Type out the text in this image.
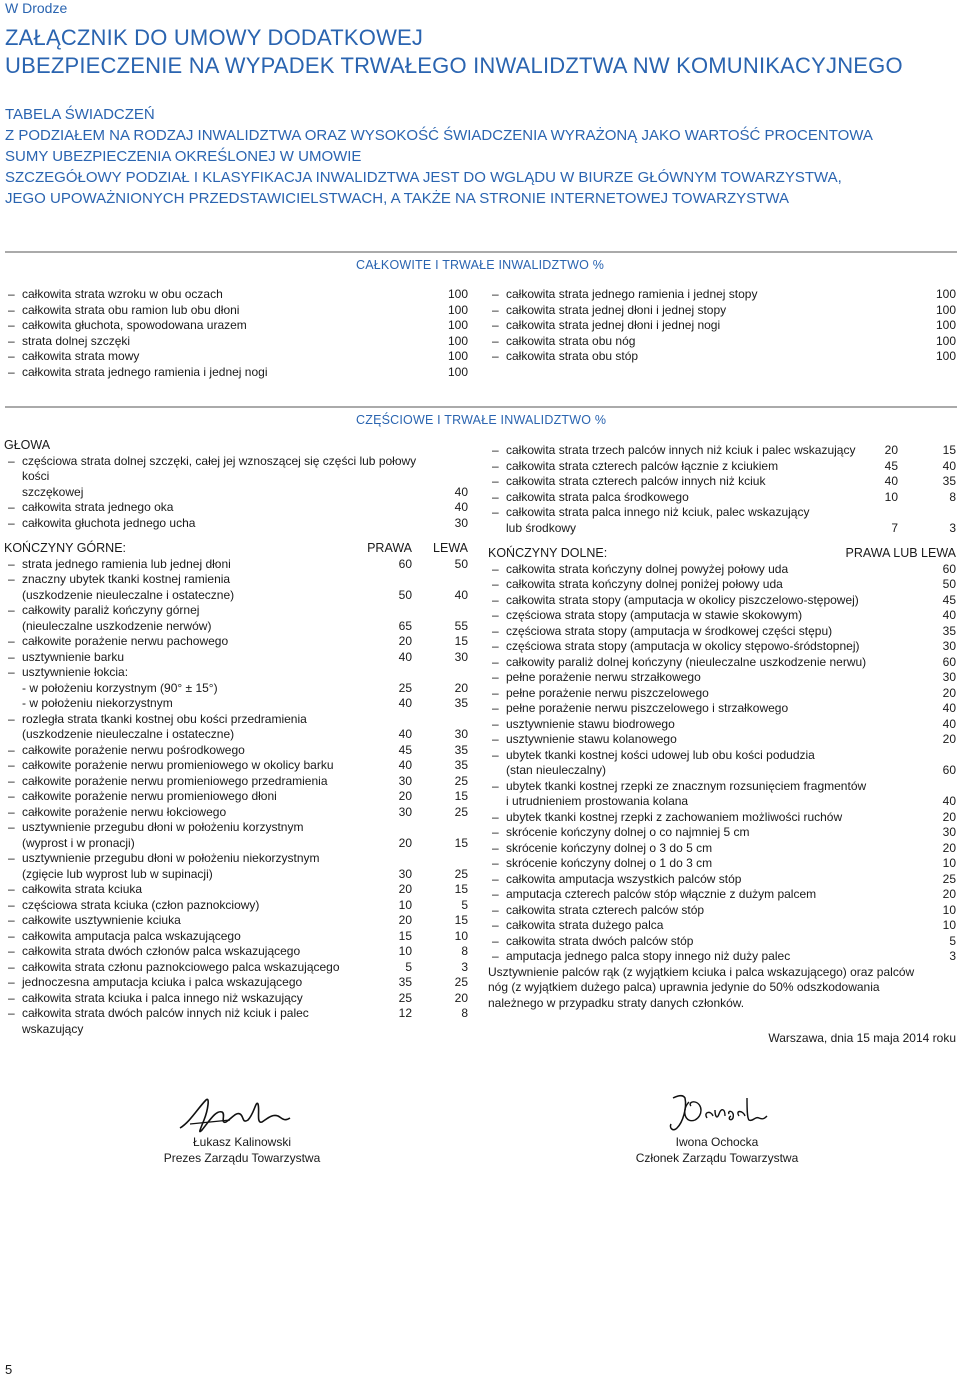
W Drodze
ZAŁĄCZNIK DO UMOWY DODATKOWEJ
UBEZPIECZENIE NA WYPADEK TRWAŁEGO INWALIDZTWA NW KOMUNIKACYJNEGO
TABELA ŚWIADCZEŃ
Z PODZIAŁEM NA RODZAJ INWALIDZTWA ORAZ WYSOKOŚĆ ŚWIADCZENIA WYRAŻONĄ JAKO WARTOŚĆ PROCENTOWA
SUMY UBEZPIECZENIA OKREŚLONEJ W UMOWIE
SZCZEGÓŁOWY PODZIAŁ I KLASYFIKACJA INWALIDZTWA JEST DO WGLĄDU W BIURZE GŁÓWNYM TOWARZYSTWA,
JEGO UPOWAŻNIONYCH PRZEDSTAWICIELSTWACH, A TAKŻE NA STRONIE INTERNETOWEJ TOWARZYSTWA
CAŁKOWITE I TRWAŁE INWALIDZTWO %
– całkowita strata wzroku w obu oczach	100
– całkowita strata obu ramion lub obu dłoni	100
– całkowita głuchota, spowodowana urazem	100
– strata dolnej szczęki	100
– całkowita strata mowy	100
– całkowita strata jednego ramienia i jednej nogi	100
– całkowita strata jednego ramienia i jednej stopy	100
– całkowita strata jednej dłoni i jednej stopy	100
– całkowita strata jednej dłoni i jednej nogi	100
– całkowita strata obu nóg	100
– całkowita strata obu stóp	100
CZĘŚCIOWE I TRWAŁE INWALIDZTWO %
GŁOWA
– częściowa strata dolnej szczęki, całej jej wznoszącej się części lub połowy kości
szczękowej	40
– całkowita strata jednego oka	40
– całkowita głuchota jednego ucha	30
KOŃCZYNY GÓRNE:	PRAWA	LEWA
– strata jednego ramienia lub jednej dłoni	60	50
– znaczny ubytek tkanki kostnej ramienia
(uszkodzenie nieuleczalne i ostateczne)	50	40
– całkowity paraliż kończyny górnej
(nieuleczalne uszkodzenie nerwów)	65	55
– całkowite porażenie nerwu pachowego	20	15
– usztywnienie barku	40	30
– usztywnienie łokcia:
- w położeniu korzystnym (90° ± 15°)	25	20
- w położeniu niekorzystnym	40	35
– rozległa strata tkanki kostnej obu kości przedramienia
(uszkodzenie nieuleczalne i ostateczne)	40	30
– całkowite porażenie nerwu pośrodkowego	45	35
– całkowite porażenie nerwu promieniowego w okolicy barku	40	35
– całkowite porażenie nerwu promieniowego przedramienia	30	25
– całkowite porażenie nerwu promieniowego dłoni	20	15
– całkowite porażenie nerwu łokciowego	30	25
– usztywnienie przegubu dłoni w położeniu korzystnym
(wyprost i w pronacji)	20	15
– usztywnienie przegubu dłoni w położeniu niekorzystnym
(zgięcie lub wyprost lub w supinacji)	30	25
– całkowita strata kciuka	20	15
– częściowa strata kciuka (człon paznokciowy)	10	5
– całkowite usztywnienie kciuka	20	15
– całkowita amputacja palca wskazującego	15	10
– całkowita strata dwóch członów palca wskazującego	10	8
– całkowita strata członu paznokciowego palca wskazującego	5	3
– jednoczesna amputacja kciuka i palca wskazującego	35	25
– całkowita strata kciuka i palca innego niż wskazujący	25	20
– całkowita strata dwóch palców innych niż kciuk i palec wskazujący
12	8
– całkowita strata trzech palców innych niż kciuk i palec wskazujący	20	15
– całkowita strata czterech palców łącznie z kciukiem	45	40
– całkowita strata czterech palców innych niż kciuk	40	35
– całkowita strata palca środkowego	10	8
– całkowita strata palca innego niż kciuk, palec wskazujący
lub środkowy	7	3
KOŃCZYNY DOLNE:	PRAWA LUB LEWA
– całkowita strata kończyny dolnej powyżej połowy uda	60
– całkowita strata kończyny dolnej poniżej połowy uda	50
– całkowita strata stopy (amputacja w okolicy piszczelowo-stępowej)	45
– częściowa strata stopy (amputacja w stawie skokowym)	40
– częściowa strata stopy (amputacja w środkowej części stępu)	35
– częściowa strata stopy (amputacja w okolicy stępowo-śródstopnej)	30
– całkowity paraliż dolnej kończyny (nieuleczalne uszkodzenie nerwu)	60
– pełne porażenie nerwu strzałkowego	30
– pełne porażenie nerwu piszczelowego	20
– pełne porażenie nerwu piszczelowego i strzałkowego	40
– usztywnienie stawu biodrowego	40
– usztywnienie stawu kolanowego	20
– ubytek tkanki kostnej kości udowej lub obu kości podudzia
(stan nieuleczalny)	60
– ubytek tkanki kostnej rzepki ze znacznym rozsunięciem fragmentów
i utrudnieniem prostowania kolana	40
– ubytek tkanki kostnej rzepki z zachowaniem możliwości ruchów	20
– skrócenie kończyny dolnej o co najmniej 5 cm	30
– skrócenie kończyny dolnej o 3 do 5 cm	20
– skrócenie kończyny dolnej o 1 do 3 cm	10
– całkowita amputacja wszystkich palców stóp	25
– amputacja czterech palców stóp włącznie z dużym palcem	20
– całkowita strata czterech palców stóp	10
– całkowita strata dużego palca	10
– całkowita strata dwóch palców stóp	5
– amputacja jednego palca stopy innego niż duży palec	3
Usztywnienie palców rąk (z wyjątkiem kciuka i palca wskazującego) oraz palców
nóg (z wyjątkiem dużego palca) uprawnia jedynie do 50% odszkodowania
należnego w przypadku straty danych członków.
Warszawa, dnia 15 maja 2014 roku
Łukasz Kalinowski
Prezes Zarządu Towarzystwa
Iwona Ochocka
Członek Zarządu Towarzystwa
5
